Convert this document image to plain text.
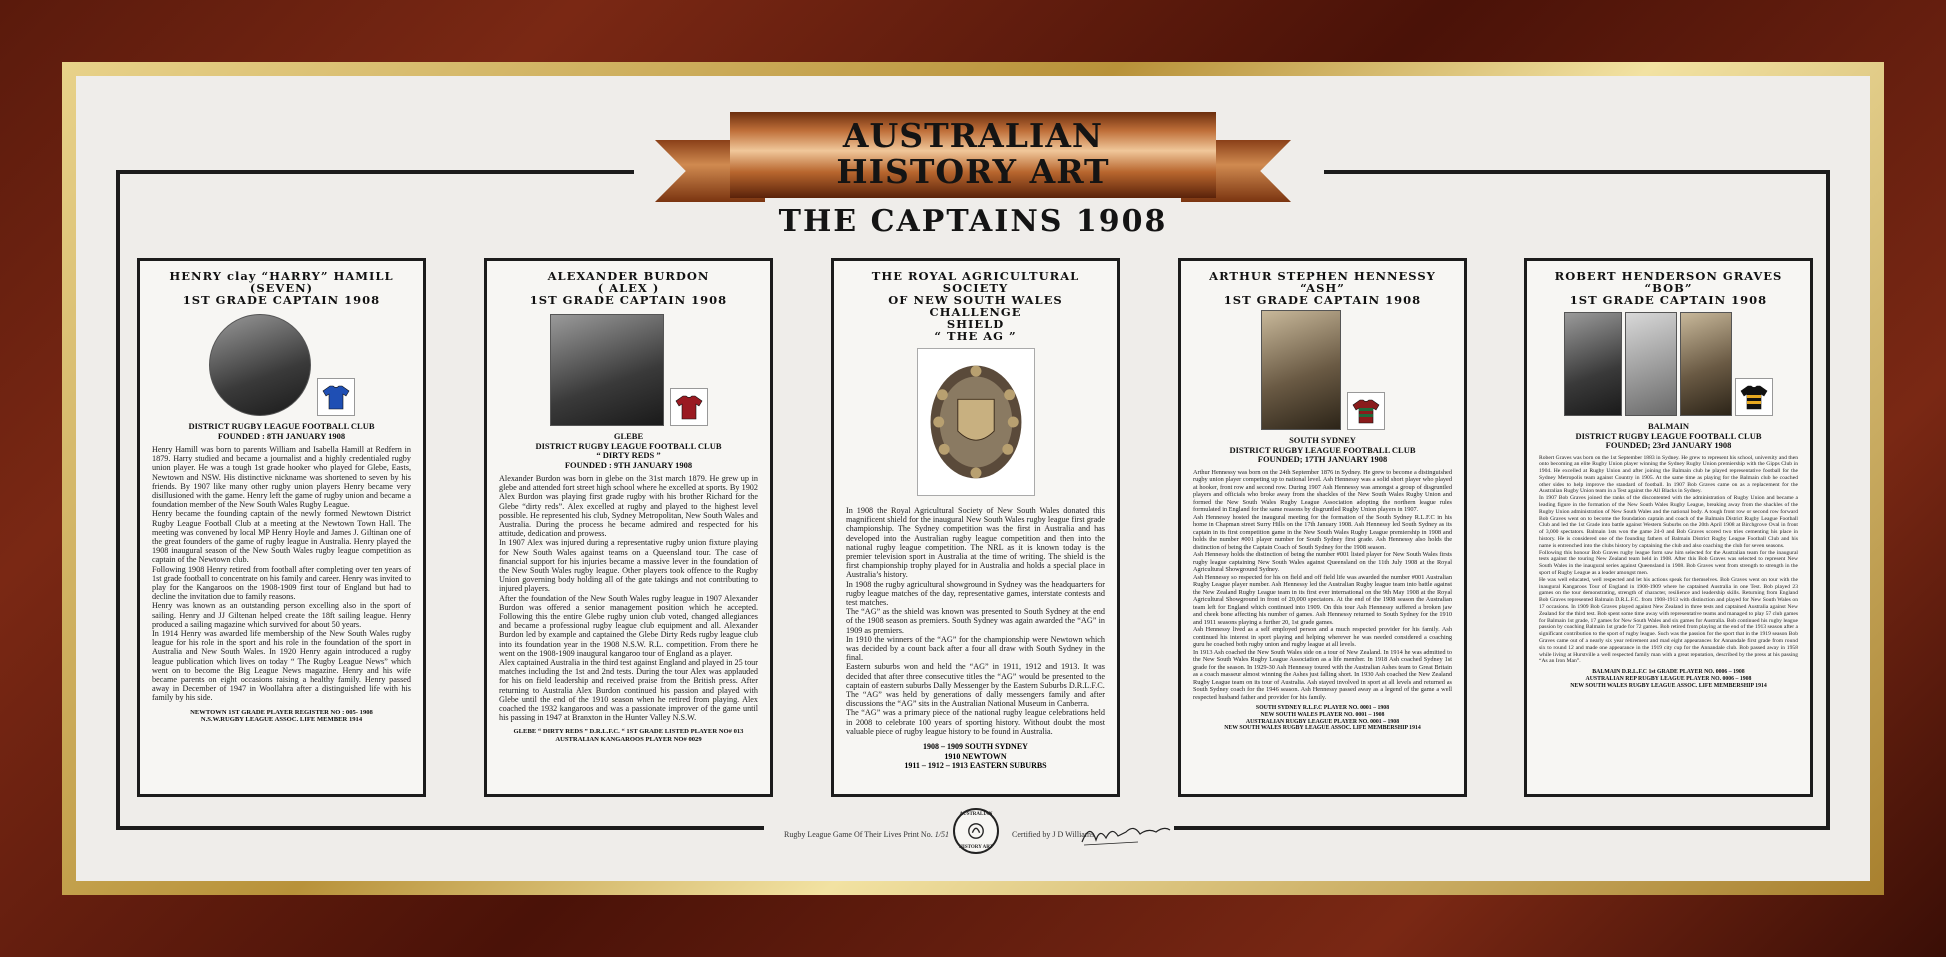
AUSTRALIAN
HISTORY ART
THE CAPTAINS 1908
HENRY clay “HARRY” HAMILL
(SEVEN)
1ST GRADE CAPTAIN 1908
DISTRICT RUGBY LEAGUE FOOTBALL CLUB
FOUNDED : 8TH JANUARY 1908

Henry Hamill was born to parents William and Isabella Hamill at Redfern in 1879. Harry studied and became a journalist and a highly credentialed rugby union player. He was a tough 1st grade hooker who played for Glebe, Easts, Newtown and NSW. His distinctive nickname was shortened to seven by his friends. By 1907 like many other rugby union players Henry became very disillusioned with the game. Henry left the game of rugby union and became a foundation member of the New South Wales Rugby League.

Henry became the founding captain of the newly formed Newtown District Rugby League Football Club at a meeting at the Newtown Town Hall. The meeting was convened by local MP Henry Hoyle and James J. Giltinan one of the great founders of the game of rugby league in Australia. Henry played the 1908 inaugural season of the New South Wales rugby league competition as captain of the Newtown club.

Following 1908 Henry retired from football after completing over ten years of 1st grade football to concentrate on his family and career. Henry was invited to play for the Kangaroos on the 1908-1909 first tour of England but had to decline the invitation due to family reasons.

Henry was known as an outstanding person excelling also in the sport of sailing. Henry and JJ Giltenan helped create the 18ft sailing league. Henry produced a sailing magazine which survived for about 50 years.

In 1914 Henry was awarded life membership of the New South Wales rugby league for his role in the sport and his role in the foundation of the sport in Australia and New South Wales. In 1920 Henry again introduced a rugby league publication which lives on today “ The Rugby League News” which went on to become the Big League News magazine. Henry and his wife became parents on eight occasions raising a healthy family. Henry passed away in December of 1947 in Woollahra after a distinguished life with his family by his side.

NEWTOWN 1ST GRADE PLAYER REGISTER NO : 005- 1908

N.S.W.RUGBY LEAGUE ASSOC. LIFE MEMBER 1914

ALEXANDER BURDON
( ALEX )
1ST GRADE CAPTAIN 1908
GLEBE
DISTRICT RUGBY LEAGUE FOOTBALL CLUB
“ DIRTY REDS ”
FOUNDED : 9TH JANUARY 1908

Alexander Burdon was born in glebe on the 31st march 1879. He grew up in glebe and attended fort street high school where he excelled at sports. By 1902 Alex Burdon was playing first grade rugby with his brother Richard for the Glebe “dirty reds”. Alex excelled at rugby and played to the highest level possible. He represented his club, Sydney Metropolitan, New South Wales and Australia. During the process he became admired and respected for his attitude, dedication and prowess.

In 1907 Alex was injured during a representative rugby union fixture playing for New South Wales against teams on a Queensland tour. The case of financial support for his injuries became a massive lever in the foundation of the New South Wales rugby league. Other players took offence to the Rugby Union governing body holding all of the gate takings and not contributing to injured players.

After the foundation of the New South Wales rugby league in 1907 Alexander Burdon was offered a senior management position which he accepted. Following this the entire Glebe rugby union club voted, changed allegiances and became a professional rugby league club equipment and all. Alexander Burdon led by example and captained the Glebe Dirty Reds rugby league club into its foundation year in the 1908 N.S.W. R.L. competition. From there he went on the 1908-1909 inaugural kangaroo tour of England as a player.

Alex captained Australia in the third test against England and played in 25 tour matches including the 1st and 2nd tests. During the tour Alex was applauded for his on field leadership and received praise from the British press. After returning to Australia Alex Burdon continued his passion and played with Glebe until the end of the 1910 season when he retired from playing. Alex coached the 1932 kangaroos and was a passionate improver of the game until his passing in 1947 at Branxton in the Hunter Valley N.S.W.

GLEBE “ DIRTY REDS ” D.R.L.F.C. “ 1ST GRADE LISTED PLAYER NO# 013

AUSTRALIAN KANGAROOS PLAYER NO# 0029

THE ROYAL AGRICULTURAL SOCIETY
OF NEW SOUTH WALES CHALLENGE
SHIELD
“ THE AG ”

In 1908 the Royal Agricultural Society of New South Wales donated this magnificent shield for the inaugural New South Wales rugby league first grade championship. The Sydney competition was the first in Australia and has developed into the Australian rugby league competition and then into the national rugby league competition. The NRL as it is known today is the premier television sport in Australia at the time of writing. The shield is the first championship trophy played for in Australia and holds a special place in Australia’s history.

In 1908 the rugby agricultural showground in Sydney was the headquarters for rugby league matches of the day, representative games, interstate contests and test matches.

The “AG” as the shield was known was presented to South Sydney at the end of the 1908 season as premiers. South Sydney was again awarded the “AG” in 1909 as premiers.

In 1910 the winners of the “AG” for the championship were Newtown which was decided by a count back after a four all draw with South Sydney in the final.

Eastern suburbs won and held the “AG” in 1911, 1912 and 1913. It was decided that after three consecutive titles the “AG” would be presented to the captain of eastern suburbs Dally Messenger by the Eastern Suburbs D.R.L.F.C.

The “AG” was held by generations of dally messengers family and after discussions the “AG” sits in the Australian National Museum in Canberra.

The “AG” was a primary piece of the national rugby league celebrations held in 2008 to celebrate 100 years of sporting history. Without doubt the most valuable piece of rugby league history to be found in Australia.

1908 – 1909 SOUTH SYDNEY

1910 NEWTOWN

1911 – 1912 – 1913 EASTERN SUBURBS

ARTHUR STEPHEN HENNESSY
“ASH”
1ST GRADE CAPTAIN 1908
SOUTH SYDNEY
DISTRICT RUGBY LEAGUE FOOTBALL CLUB
FOUNDED; 17TH JANUARY 1908

Arthur Hennessy was born on the 24th September 1876 in Sydney. He grew to become a distinguished rugby union player competing up to national level. Ash Hennessy was a solid short player who played at hooker, front row and second row. During 1907 Ash Hennessy was amongst a group of disgruntled players and officials who broke away from the shackles of the New South Wales Rugby Union and formed the New South Wales Rugby League Association adopting the northern league rules formulated in England for the same reasons by disgruntled Rugby Union players in 1907.

Ash Hennessy hosted the inaugural meeting for the formation of the South Sydney R.L.F.C in his home in Chapman street Surry Hills on the 17th January 1908. Ash Hennessy led South Sydney as its captain in its first competition game in the New South Wales Rugby League premiership in 1908 and holds the number #001 player number for South Sydney first grade. Ash Hennessy also holds the distinction of being the Captain Coach of South Sydney for the 1908 season.

Ash Hennessy holds the distinction of being the number #001 listed player for New South Wales firsts rugby league captaining New South Wales against Queensland on the 11th July 1908 at the Royal Agricultural Showground Sydney.

Ash Hennessy so respected for his on field and off field life was awarded the number #001 Australian Rugby League player number. Ash Hennessy led the Australian Rugby league team into battle against the New Zealand Rugby League team in its first ever international on the 9th May 1908 at the Royal Agricultural Showground in front of 20,000 spectators. At the end of the 1908 season the Australian team left for England which continued into 1909. On this tour Ash Hennessy suffered a broken jaw and cheek bone affecting his number of games. Ash Hennessy returned to South Sydney for the 1910 and 1911 seasons playing a further 20, 1st grade games.

Ash Hennessy lived as a self employed person and a much respected provider for his family. Ash continued his interest in sport playing and helping wherever he was needed considered a coaching guru he coached both rugby union and rugby league at all levels.

In 1913 Ash coached the New South Wales side on a tour of New Zealand. In 1914 he was admitted to the New South Wales Rugby League Association as a life member. In 1918 Ash coached Sydney 1st grade for the season. In 1929-30 Ash Hennessy toured with the Australian Ashes team to Great Britain as a coach masseur almost winning the Ashes just falling short. In 1930 Ash coached the New Zealand Rugby League team on its tour of Australia. Ash stayed involved in sport at all levels and returned as South Sydney coach for the 1946 season. Ash Hennessy passed away as a legend of the game a well respected husband father and provider for his family.

SOUTH SYDNEY R.L.F.C PLAYER NO. 0001 – 1908

NEW SOUTH WALES PLAYER NO. 0001 – 1908

AUSTRALIAN RUGBY LEAGUE PLAYER NO. 0001 – 1908

NEW SOUTH WALES RUGBY LEAGUE ASSOC. LIFE MEMBERSHIP 1914

ROBERT HENDERSON GRAVES
“BOB”
1ST GRADE CAPTAIN 1908
BALMAIN
DISTRICT RUGBY LEAGUE FOOTBALL CLUB
FOUNDED; 23rd JANUARY 1908

Robert Graves was born on the 1st September 1883 in Sydney. He grew to represent his school, university and then onto becoming an elite Rugby Union player winning the Sydney Rugby Union premiership with the Gipps Club in 1904. He excelled at Rugby Union and after joining the Balmain club he played representative football for the Sydney Metropolis team against Country in 1905. At the same time as playing for the Balmain club he coached other sides to help improve the standard of football. In 1907 Bob Graves came on as a replacement for the Australian Rugby Union team in a Test against the All Blacks in Sydney.

In 1907 Bob Graves joined the ranks of the discontented with the administration of Rugby Union and became a leading figure in the formation of the New South Wales Rugby League, breaking away from the shackles of the Rugby Union administration of New South Wales and the national body. A tough front row or second row forward Bob Graves went on to become the foundation captain and coach of the Balmain District Rugby League Football Club and led the 1st Grade into battle against Western Suburbs on the 20th April 1908 at Birchgrove Oval in front of 3,000 spectators. Balmain 1sts won the game 24-0 and Bob Graves scored two tries cementing his place in history. He is considered one of the founding fathers of Balmain District Rugby League Football Club and his name is entrenched into the clubs history by captaining the club and also coaching the club for seven seasons.

Following this honour Bob Graves rugby league form saw him selected for the Australian team for the inaugural tests against the touring New Zealand team held in 1908. After this Bob Graves was selected to represent New South Wales in the inaugural series against Queensland in 1908. Bob Graves went from strength to strength in the sport of Rugby League as a leader amongst men.

He was well educated, well respected and let his actions speak for themselves. Bob Graves went on tour with the inaugural Kangaroos Tour of England in 1908-1909 where he captained Australia in one Test. Bob played 23 games on the tour demonstrating, strength of character, resilience and leadership skills. Returning from England Bob Graves represented Balmain D.R.L.F.C. from 1908-1913 with distinction and played for New South Wales on 17 occasions. In 1909 Bob Graves played against New Zealand in three tests and captained Australia against New Zealand for the third test. Bob spent some time away with representative teams and managed to play 57 club games for Balmain 1st grade, 17 games for New South Wales and six games for Australia. Bob continued his rugby league passion by coaching Balmain 1st grade for 72 games. Bob retired from playing at the end of the 1913 season after a significant contribution to the sport of rugby league. Such was the passion for the sport that in the 1919 season Bob Graves came out of a nearly six year retirement and mad eight appearances for Annandale first grade from round six to round 12 and made one appearance in the 1919 city cup for the Annandale club. Bob passed away in 1958 while living at Hurstville a well respected family man with a great reputation, described by the press at his passing “As an Iron Man”.

BALMAIN D.R.L.F.C 1st GRADE PLAYER NO. 0006 – 1908

AUSTRALIAN REP RUGBY LEAGUE PLAYER NO. 0006 – 1908

NEW SOUTH WALES RUGBY LEAGUE ASSOC. LIFE MEMBERSHIP 1914

Rugby League Game Of Their Lives Print No. 1/51
AUSTRALIAN
HISTORY ART
Certified by J D Williams
